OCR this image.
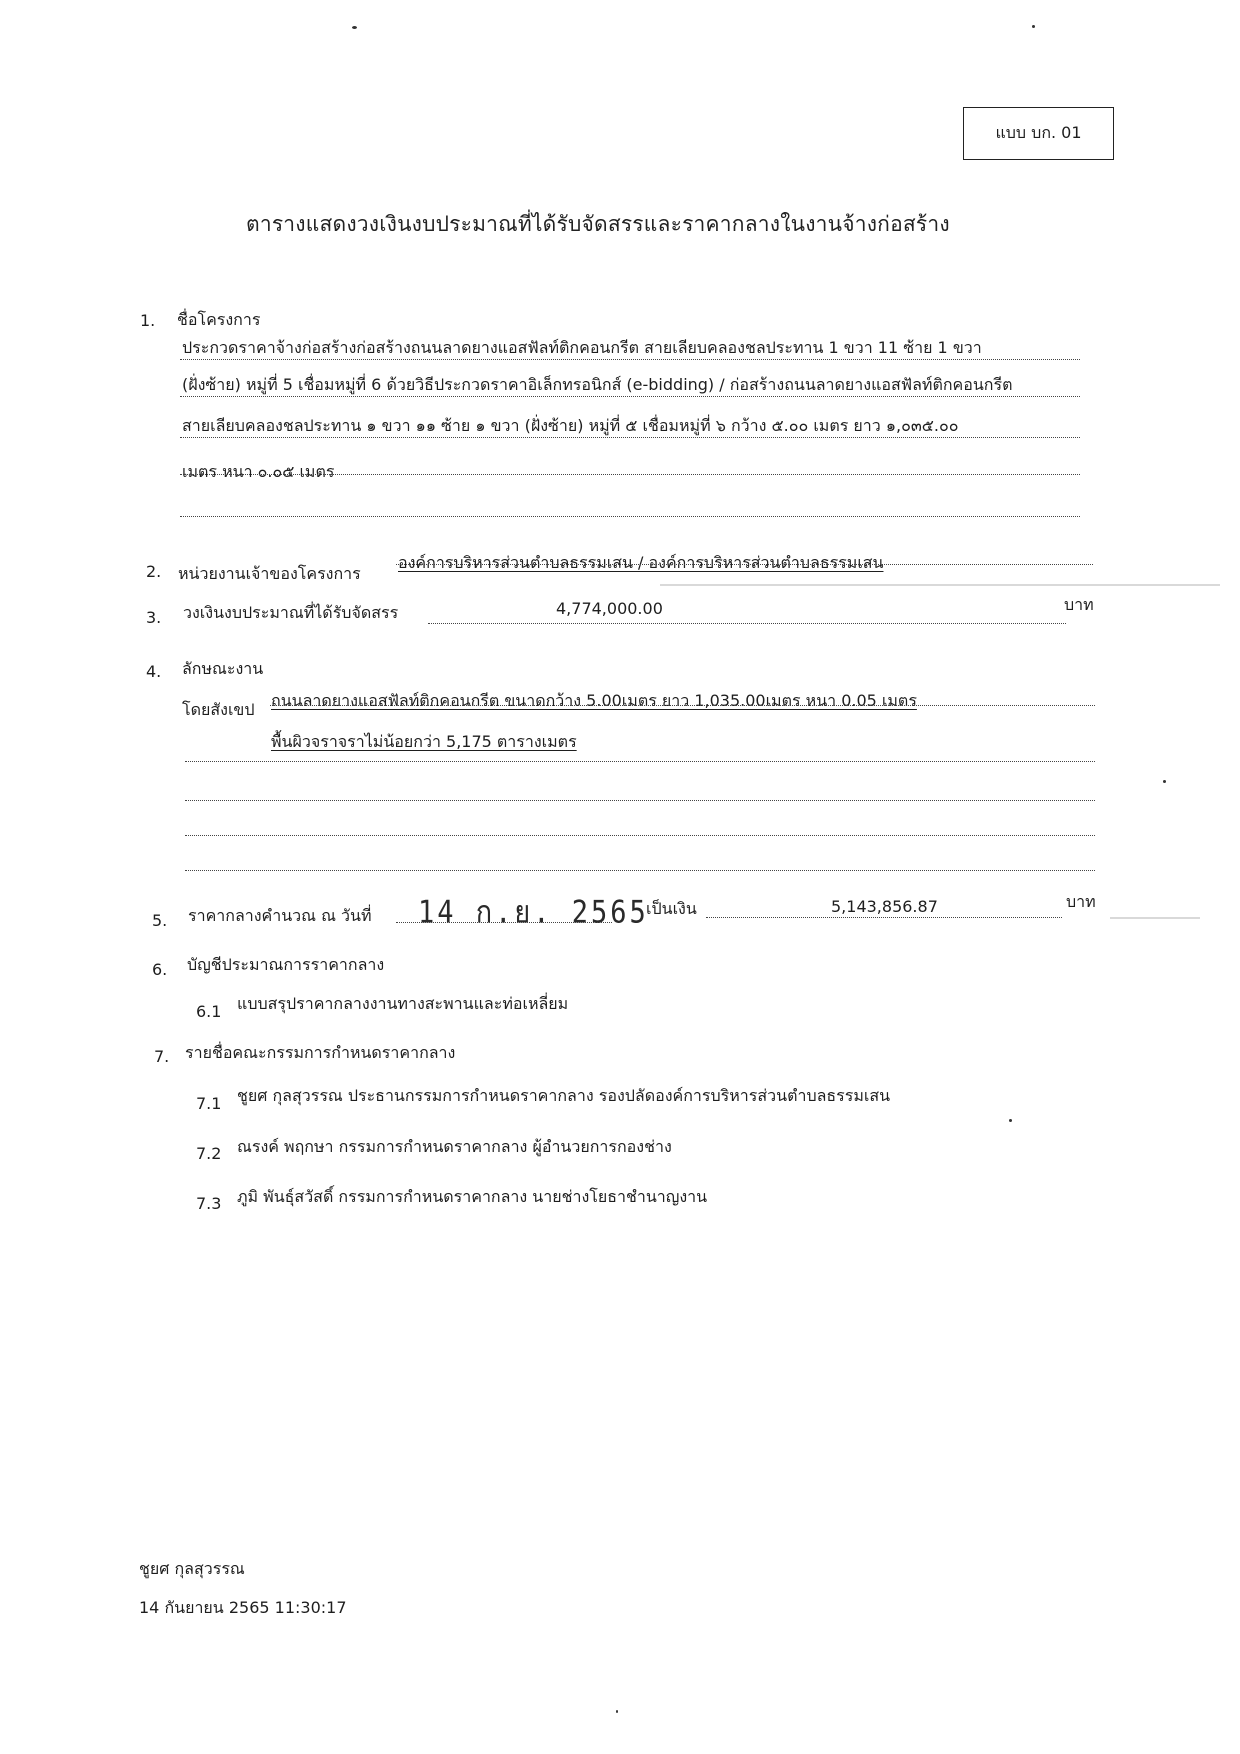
แบบ บก. 01
ตารางแสดงวงเงินงบประมาณที่ได้รับจัดสรรและราคากลางในงานจ้างก่อสร้าง
1. ชื่อโครงการ
ประกวดราคาจ้างก่อสร้างก่อสร้างถนนลาดยางแอสฟัลท์ติกคอนกรีต สายเลียบคลองชลประทาน 1 ขวา 11 ซ้าย 1 ขวา
(ฝั่งซ้าย) หมู่ที่ 5 เชื่อมหมู่ที่ 6 ด้วยวิธีประกวดราคาอิเล็กทรอนิกส์ (e-bidding) / ก่อสร้างถนนลาดยางแอสฟัลท์ติกคอนกรีต
สายเลียบคลองชลประทาน ๑ ขวา ๑๑ ซ้าย ๑ ขวา (ฝั่งซ้าย) หมู่ที่ ๕ เชื่อมหมู่ที่ ๖ กว้าง ๕.๐๐ เมตร ยาว ๑,๐๓๕.๐๐
เมตร หนา ๐.๐๕ เมตร
2. หน่วยงานเจ้าของโครงการ
องค์การบริหารส่วนตำบลธรรมเสน / องค์การบริหารส่วนตำบลธรรมเสน
3. วงเงินงบประมาณที่ได้รับจัดสรร	4,774,000.00	บาท
4. ลักษณะงาน
โดยสังเขป ถนนลาดยางแอสฟัลท์ติกคอนกรีต ขนาดกว้าง 5.00เมตร ยาว 1,035.00เมตร หนา 0.05 เมตร
พื้นผิวจราจราไม่น้อยกว่า 5,175 ตารางเมตร
5. ราคากลางคำนวณ ณ วันที่ 14 ก.ย. 2565
เป็นเงิน	5,143,856.87	บาท
6. บัญชีประมาณการราคากลาง
6.1 แบบสรุปราคากลางงานทางสะพานและท่อเหลี่ยม
7. รายชื่อคณะกรรมการกำหนดราคากลาง
7.1 ชูยศ กุลสุวรรณ ประธานกรรมการกำหนดราคากลาง รองปลัดองค์การบริหารส่วนตำบลธรรมเสน
7.2 ณรงค์ พฤกษา กรรมการกำหนดราคากลาง ผู้อำนวยการกองช่าง
7.3 ภูมิ พันธุ์สวัสดิ์ กรรมการกำหนดราคากลาง นายช่างโยธาชำนาญงาน
ชูยศ กุลสุวรรณ
14 กันยายน 2565 11:30:17
